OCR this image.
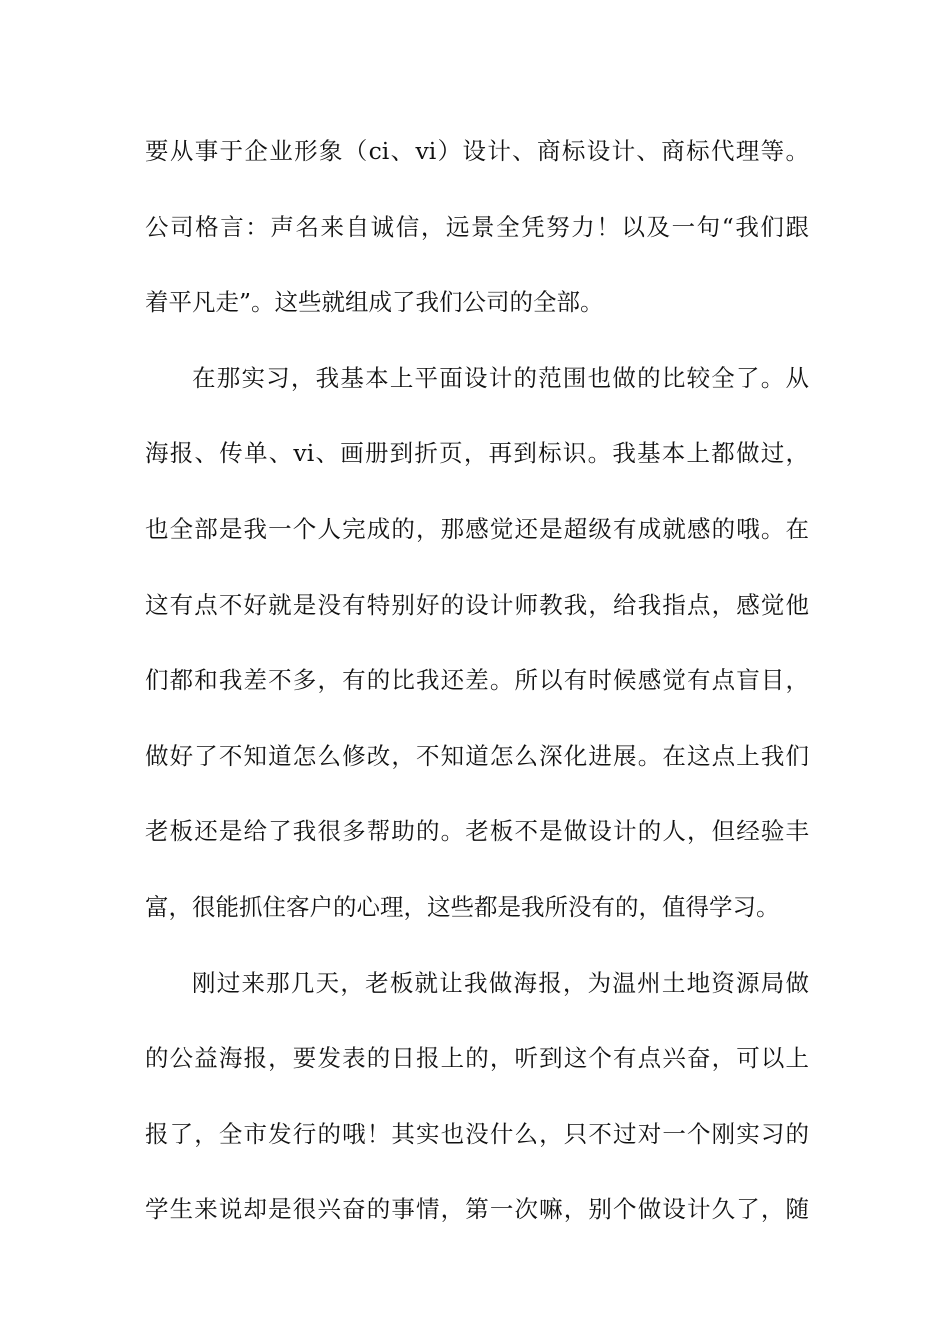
要从事于企业形象（ci、vi）设计、商标设计、商标代理等。
公司格言：声名来自诚信，远景全凭努力！以及一句“我们跟
着平凡走”。这些就组成了我们公司的全部。
在那实习，我基本上平面设计的范围也做的比较全了。从
海报、传单、vi、画册到折页，再到标识。我基本上都做过，
也全部是我一个人完成的，那感觉还是超级有成就感的哦。在
这有点不好就是没有特别好的设计师教我，给我指点，感觉他
们都和我差不多，有的比我还差。所以有时候感觉有点盲目，
做好了不知道怎么修改，不知道怎么深化进展。在这点上我们
老板还是给了我很多帮助的。老板不是做设计的人，但经验丰
富，很能抓住客户的心理，这些都是我所没有的，值得学习。
刚过来那几天，老板就让我做海报，为温州土地资源局做
的公益海报，要发表的日报上的，听到这个有点兴奋，可以上
报了，全市发行的哦！其实也没什么，只不过对一个刚实习的
学生来说却是很兴奋的事情，第一次嘛，别个做设计久了，随
